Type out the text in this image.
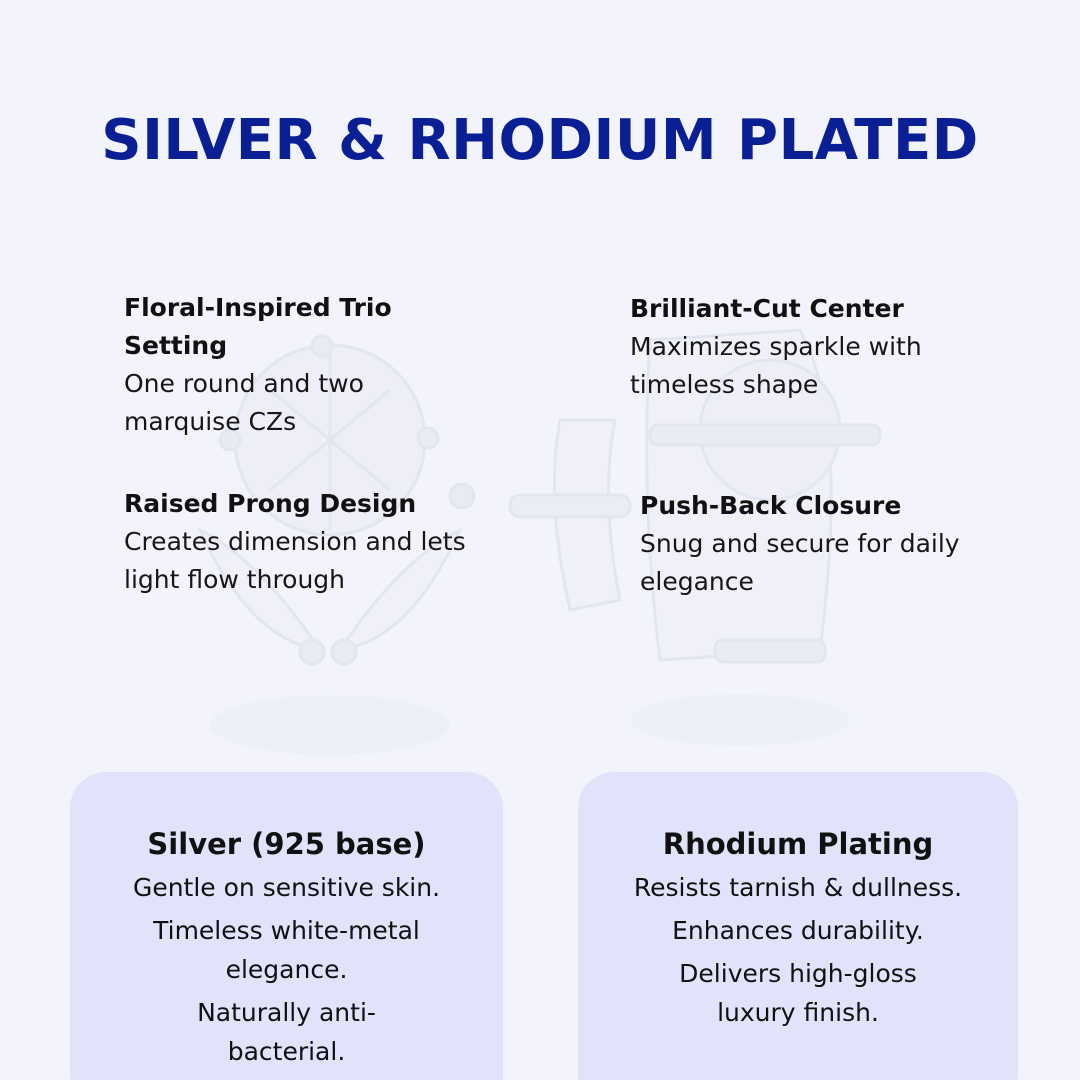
SILVER & RHODIUM PLATED

Floral-Inspired Trio Setting

One round and two marquise CZs

Brilliant-Cut Center

Maximizes sparkle with timeless shape

Raised Prong Design

Creates dimension and lets light flow through

Push-Back Closure

Snug and secure for daily elegance

Silver (925 base)

Gentle on sensitive skin.

Timeless white-metal elegance.

Naturally anti-bacterial.

Rhodium Plating

Resists tarnish & dullness.

Enhances durability.

Delivers high-gloss luxury finish.
